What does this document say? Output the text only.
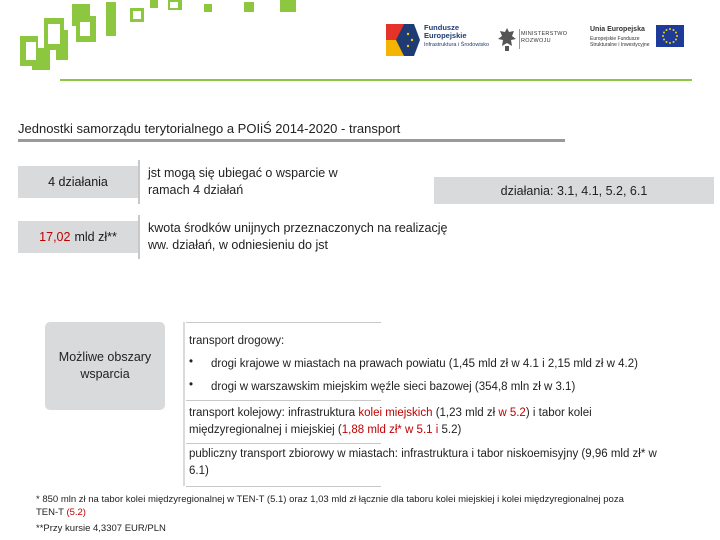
Fundusze
Europejskie
Infrastruktura i Środowisko
MINISTERSTWO
ROZWOJU
Unia Europejska
Europejskie Fundusze
Strukturalne i Inwestycyjne
Jednostki samorządu terytorialnego a POIiŚ 2014-2020 - transport
4 działania
jst mogą się ubiegać o wsparcie w ramach 4 działań
17,02 mld zł**
kwota środków unijnych przeznaczonych na realizację ww. działań, w odniesieniu do jst
działania: 3.1, 4.1, 5.2, 6.1
Możliwe obszary wsparcia
transport drogowy:
• drogi krajowe w miastach na prawach powiatu (1,45 mld zł w 4.1 i 2,15 mld zł w 4.2)
• drogi w warszawskim miejskim węźle sieci bazowej (354,8 mln zł w 3.1)
transport kolejowy: infrastruktura kolei miejskich (1,23 mld zł w 5.2) i tabor kolei międzyregionalnej i miejskiej (1,88 mld zł* w 5.1 i 5.2)
publiczny transport zbiorowy w miastach: infrastruktura i tabor niskoemisyjny (9,96 mld zł* w 6.1)
* 850 mln zł na tabor kolei międzyregionalnej w TEN-T (5.1) oraz 1,03 mld zł łącznie dla taboru kolei miejskiej i kolei międzyregionalnej poza TEN-T (5.2)
**Przy kursie 4,3307 EUR/PLN
